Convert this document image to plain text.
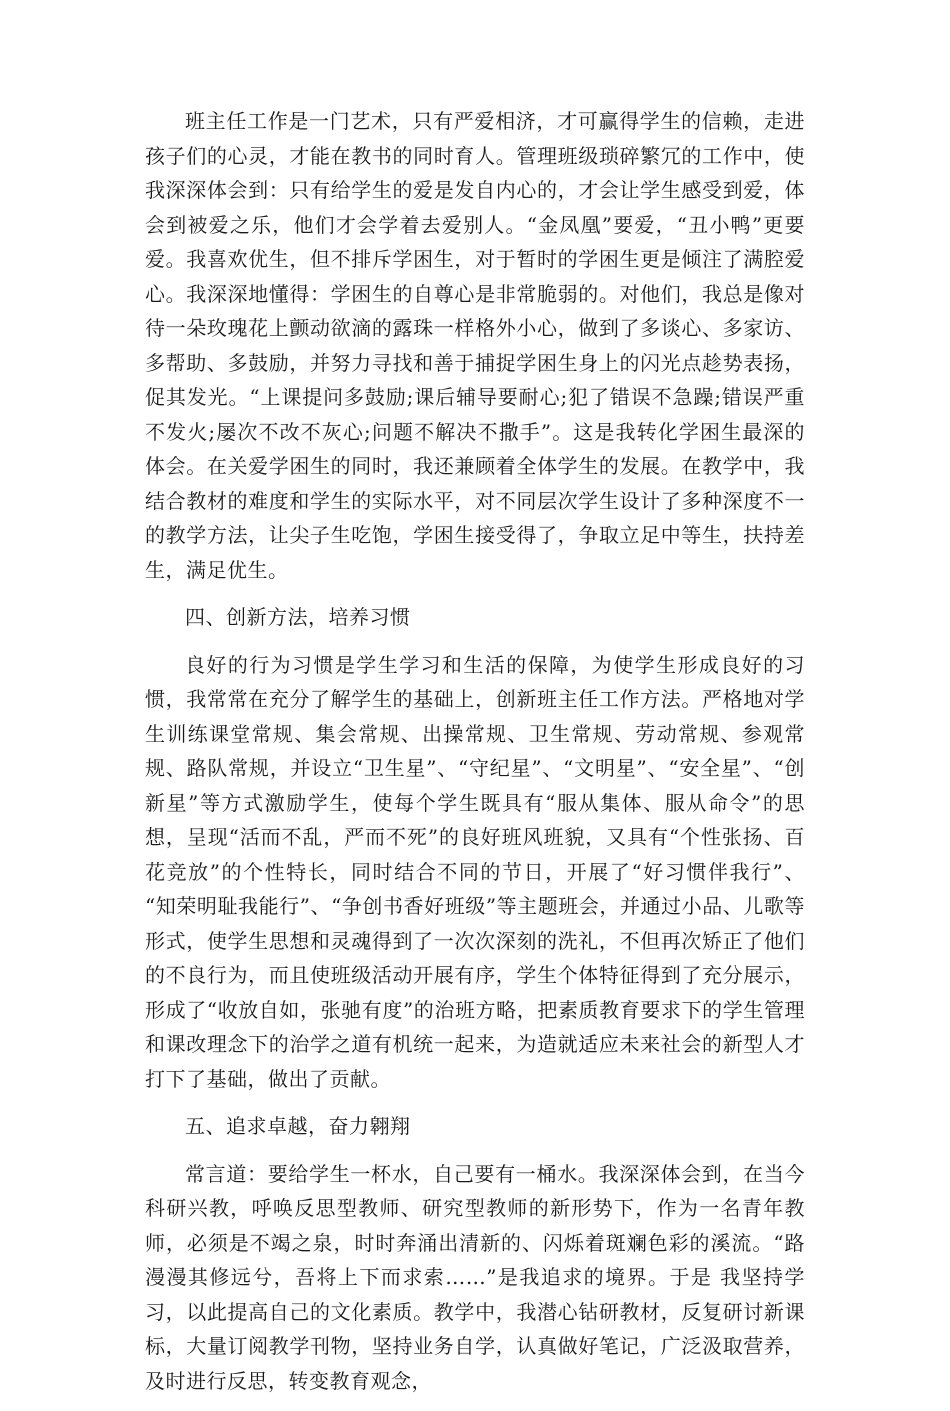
班主任工作是一门艺术，只有严爱相济，才可赢得学生的信赖，走进孩子们的心灵，才能在教书的同时育人。管理班级琐碎繁冗的工作中，使我深深体会到：只有给学生的爱是发自内心的，才会让学生感受到爱，体会到被爱之乐，他们才会学着去爱别人。“金凤凰”要爱，“丑小鸭”更要爱。我喜欢优生，但不排斥学困生，对于暂时的学困生更是倾注了满腔爱心。我深深地懂得：学困生的自尊心是非常脆弱的。对他们，我总是像对待一朵玫瑰花上颤动欲滴的露珠一样格外小心，做到了多谈心、多家访、多帮助、多鼓励，并努力寻找和善于捕捉学困生身上的闪光点趁势表扬，促其发光。“上课提问多鼓励;课后辅导要耐心;犯了错误不急躁;错误严重不发火;屡次不改不灰心;问题不解决不撒手”。这是我转化学困生最深的体会。在关爱学困生的同时，我还兼顾着全体学生的发展。在教学中，我结合教材的难度和学生的实际水平，对不同层次学生设计了多种深度不一的教学方法，让尖子生吃饱，学困生接受得了，争取立足中等生，扶持差生，满足优生。

四、创新方法，培养习惯

良好的行为习惯是学生学习和生活的保障，为使学生形成良好的习惯，我常常在充分了解学生的基础上，创新班主任工作方法。严格地对学生训练课堂常规、集会常规、出操常规、卫生常规、劳动常规、参观常规、路队常规，并设立“卫生星”、“守纪星”、“文明星”、“安全星”、“创新星”等方式激励学生，使每个学生既具有“服从集体、服从命令”的思想，呈现“活而不乱，严而不死”的良好班风班貌，又具有“个性张扬、百花竞放”的个性特长，同时结合不同的节日，开展了“好习惯伴我行”、 “知荣明耻我能行”、“争创书香好班级”等主题班会，并通过小品、儿歌等形式，使学生思想和灵魂得到了一次次深刻的洗礼，不但再次矫正了他们的不良行为，而且使班级活动开展有序，学生个体特征得到了充分展示，形成了“收放自如，张驰有度”的治班方略，把素质教育要求下的学生管理和课改理念下的治学之道有机统一起来，为造就适应未来社会的新型人才打下了基础，做出了贡献。

五、追求卓越，奋力翱翔

常言道：要给学生一杯水，自己要有一桶水。我深深体会到，在当今科研兴教，呼唤反思型教师、研究型教师的新形势下，作为一名青年教师，必须是不竭之泉，时时奔涌出清新的、闪烁着斑斓色彩的溪流。“路漫漫其修远兮，吾将上下而求索……”是我追求的境界。于是 我坚持学习，以此提高自己的文化素质。教学中，我潜心钻研教材，反复研讨新课标，大量订阅教学刊物，坚持业务自学，认真做好笔记，广泛汲取营养，及时进行反思，转变教育观念，
